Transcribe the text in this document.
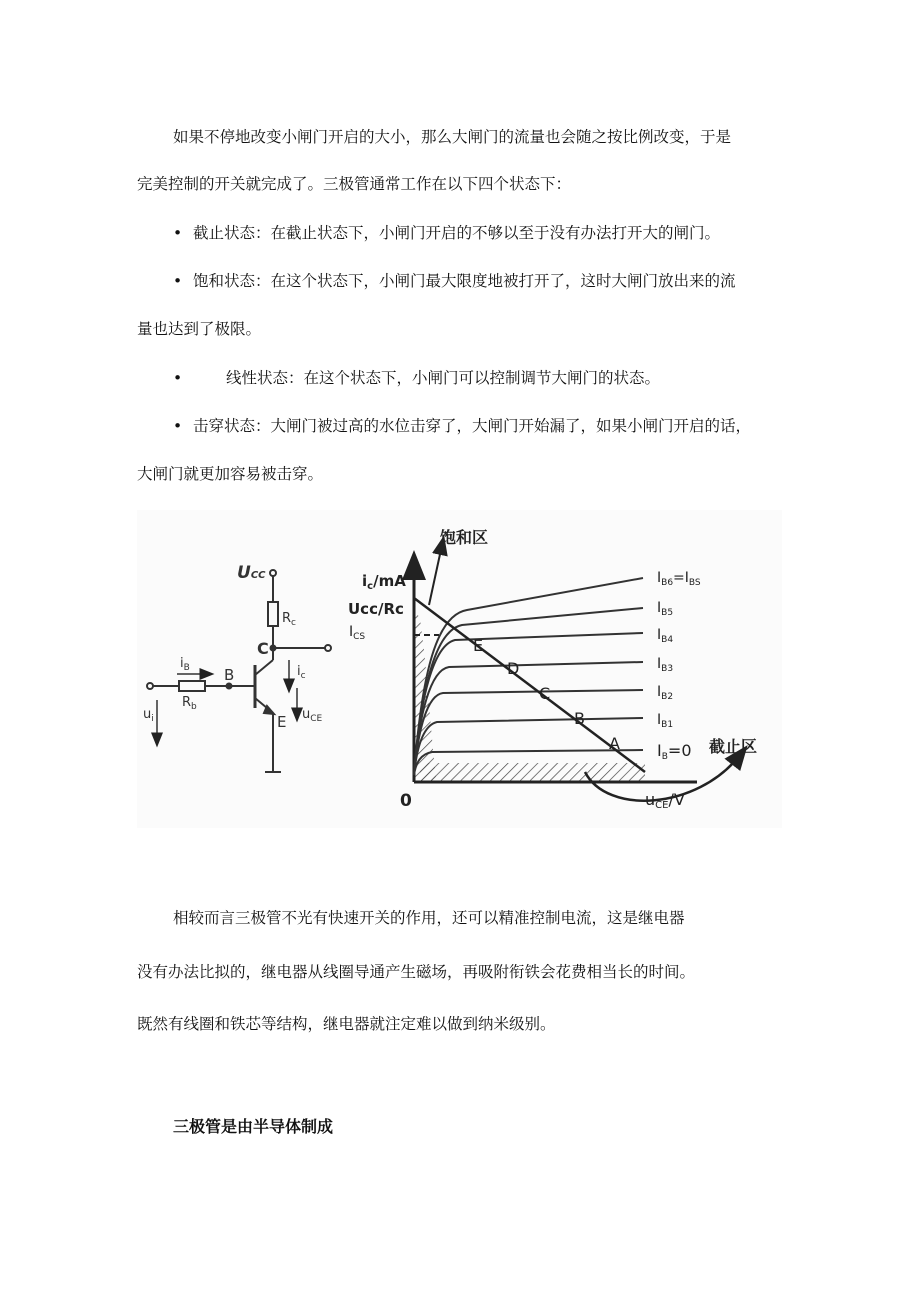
如果不停地改变小闸门开启的大小，那么大闸门的流量也会随之按比例改变，于是
完美控制的开关就完成了。三极管通常工作在以下四个状态下：
• 截止状态：在截止状态下，小闸门开启的不够以至于没有办法打开大的闸门。
• 饱和状态：在这个状态下，小闸门最大限度地被打开了，这时大闸门放出来的流
量也达到了极限。
•	线性状态：在这个状态下，小闸门可以控制调节大闸门的状态。
• 击穿状态：大闸门被过高的水位击穿了，大闸门开始漏了，如果小闸门开启的话，
大闸门就更加容易被击穿。
UCC
$R_c$
C
B
E
$i_B$	$i_c$
$R_b$
$u_i$	$u_{CE}$
饱和区
截止区
$i_c/mA$
Ucc/Rc
$I_{CS}$
0	uCE/V
E
D
C
B
A
$I_{B6}=I_{BS}$
$I_{B5}$
$I_{B4}$
$I_{B3}$
$I_{B2}$
$I_{B1}$
IB=0
相较而言三极管不光有快速开关的作用，还可以精准控制电流，这是继电器
没有办法比拟的，继电器从线圈导通产生磁场，再吸附衔铁会花费相当长的时间。
既然有线圈和铁芯等结构，继电器就注定难以做到纳米级别。
三极管是由半导体制成
